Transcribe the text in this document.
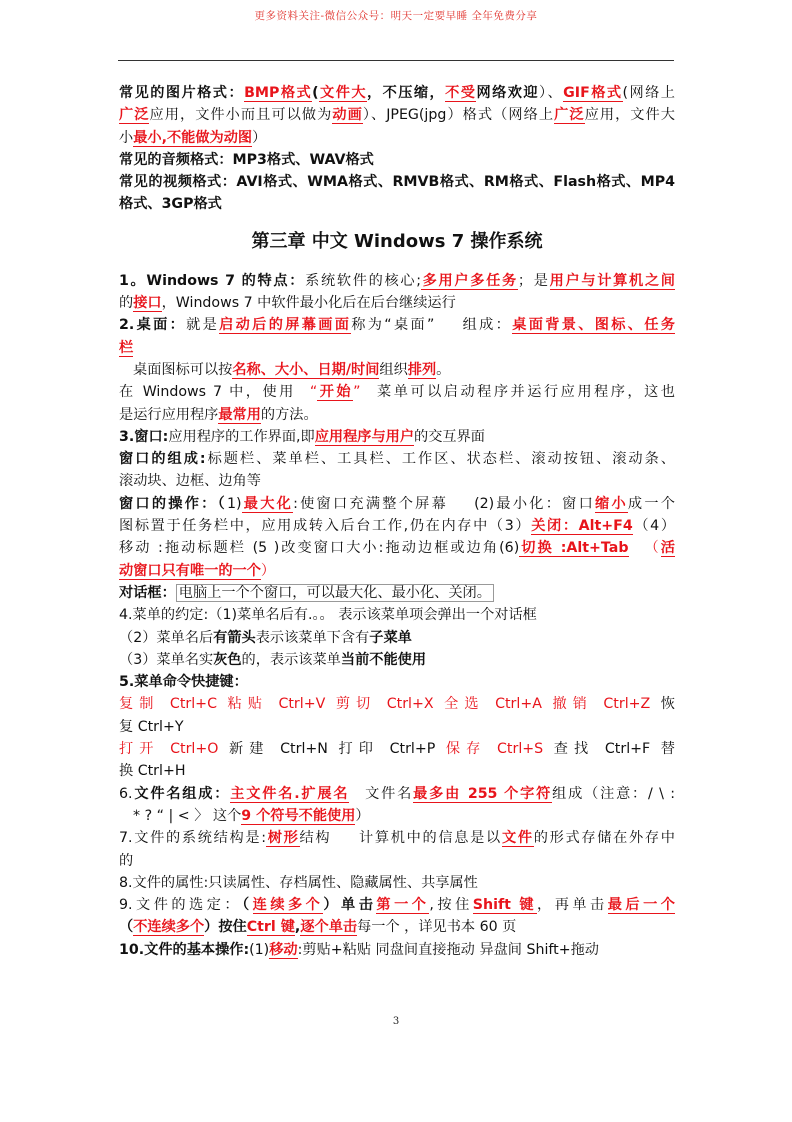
更多资料关注-微信公众号：明天一定要早睡 全年免费分享
常见的图片格式：BMP格式(文件大，不压缩，不受网络欢迎）、GIF格式(网络上
广泛应用，文件小而且可以做为动画）、JPEG(jpg）格式（网络上广泛应用，文件大
小最小,不能做为动图）
常见的音频格式：MP3格式、WAV格式
常见的视频格式：AVI格式、WMA格式、RMVB格式、RM格式、Flash格式、MP4
格式、3GP格式
第三章 中文 Windows 7 操作系统
1。Windows 7 的特点：系统软件的核心;多用户多任务；是用户与计算机之间
的接口，Windows 7 中软件最小化后在后台继续运行
2.桌面：就是启动后的屏幕画面称为“桌面” 组成：桌面背景、图标、任务
栏
桌面图标可以按名称、大小、日期/时间组织排列。
在 Windows 7 中，使用 “开始” 菜单可以启动程序并运行应用程序，这也
是运行应用程序最常用的方法。
3.窗口:应用程序的工作界面,即应用程序与用户的交互界面
窗口的组成:标题栏、菜单栏、工具栏、工作区、状态栏、滚动按钮、滚动条、
滚动块、边框、边角等
窗口的操作：（1)最大化:使窗口充满整个屏幕 (2)最小化：窗口缩小成一个
图标置于任务栏中，应用成转入后台工作,仍在内存中（3）关闭：Alt+F4（4）
移动 :拖动标题栏 (5 )改变窗口大小:拖动边框或边角(6)切换 :Alt+Tab （活
动窗口只有唯一的一个）
对话框： 电脑上一个个窗口，可以最大化、最小化、关闭。
4.菜单的约定:（1)菜单名后有.。。 表示该菜单项会弹出一个对话框
（2）菜单名后有箭头表示该菜单下含有子菜单
（3）菜单名实灰色的，表示该菜单当前不能使用
5.菜单命令快捷键：
复制 Ctrl+C 粘贴 Ctrl+V 剪切 Ctrl+X 全选 Ctrl+A 撤销 Ctrl+Z 恢
复 Ctrl+Y
打开 Ctrl+O 新建 Ctrl+N 打印 Ctrl+P 保存 Ctrl+S 查找 Ctrl+F 替
换 Ctrl+H
6.文件名组成：主文件名.扩展名 文件名最多由 255 个字符组成（注意：/ \ :
* ? “ | < 〉 这个9 个符号不能使用）
7.文件的系统结构是:树形结构 计算机中的信息是以文件的形式存储在外存中
的
8.文件的属性:只读属性、存档属性、隐藏属性、共享属性
9.文件的选定：（连续多个）单击第一个,按住Shift 键，再单击最后一个
（不连续多个）按住Ctrl 键,逐个单击每一个 ，详见书本 60 页
10.文件的基本操作:(1)移动:剪贴+粘贴 同盘间直接拖动 异盘间 Shift+拖动
3
